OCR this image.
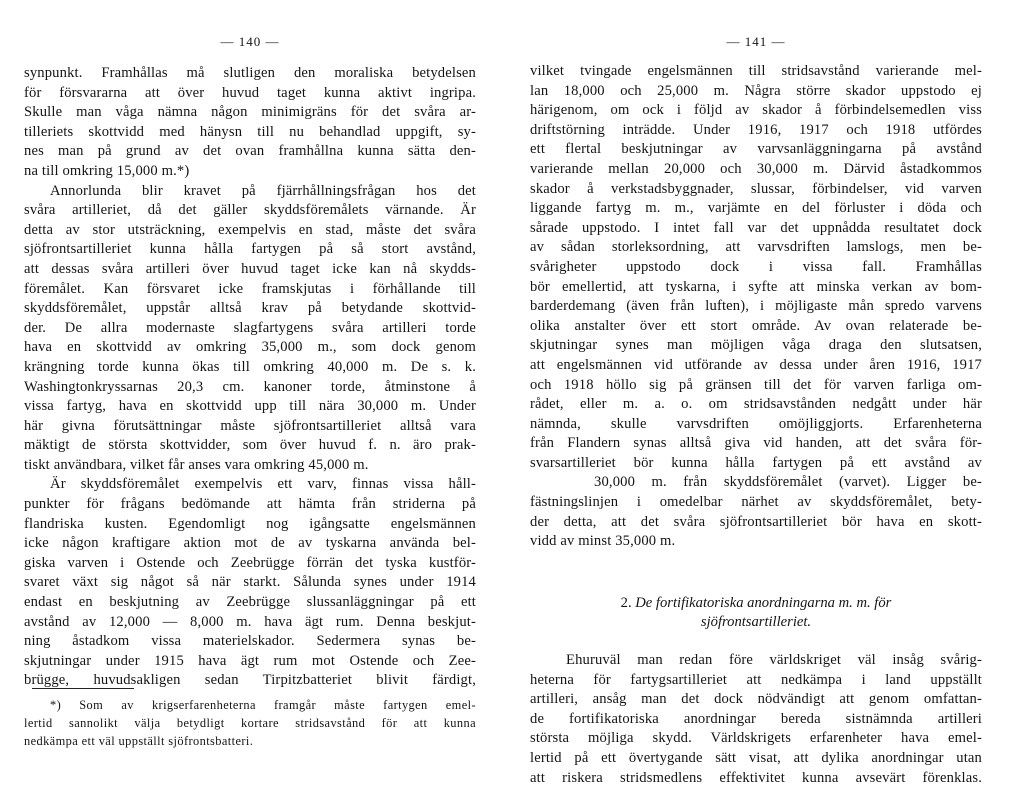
— 140 —
synpunkt. Framhållas må slutligen den moraliska betydelsen
för försvararna att över huvud taget kunna aktivt ingripa.
Skulle man våga nämna någon minimigräns för det svåra ar-
tilleriets skottvidd med hänysn till nu behandlad uppgift, sy-
nes man på grund av det ovan framhållna kunna sätta den-
na till omkring 15,000 m.*)
Annorlunda blir kravet på fjärrhållningsfrågan hos det
svåra artilleriet, då det gäller skyddsföremålets värnande. Är
detta av stor utsträckning, exempelvis en stad, måste det svåra
sjöfrontsartilleriet kunna hålla fartygen på så stort avstånd,
att dessas svåra artilleri över huvud taget icke kan nå skydds-
föremålet. Kan försvaret icke framskjutas i förhållande till
skyddsföremålet, uppstår alltså krav på betydande skottvid-
der. De allra modernaste slagfartygens svåra artilleri torde
hava en skottvidd av omkring 35,000 m., som dock genom
krängning torde kunna ökas till omkring 40,000 m. De s. k.
Washingtonkryssarnas 20,3 cm. kanoner torde, åtminstone å
vissa fartyg, hava en skottvidd upp till nära 30,000 m. Under
här givna förutsättningar måste sjöfrontsartilleriet alltså vara
mäktigt de största skottvidder, som över huvud f. n. äro prak-
tiskt användbara, vilket får anses vara omkring 45,000 m.
Är skyddsföremålet exempelvis ett varv, finnas vissa håll-
punkter för frågans bedömande att hämta från striderna på
flandriska kusten. Egendomligt nog igångsatte engelsmännen
icke någon kraftigare aktion mot de av tyskarna använda bel-
giska varven i Ostende och Zeebrügge förrän det tyska kustför-
svaret växt sig något så när starkt. Sålunda synes under 1914
endast en beskjutning av Zeebrügge slussanläggningar på ett
avstånd av 12,000 — 8,000 m. hava ägt rum. Denna beskjut-
ning åstadkom vissa materielskador. Sedermera synas be-
skjutningar under 1915 hava ägt rum mot Ostende och Zee-
brügge, huvudsakligen sedan Tirpitzbatteriet blivit färdigt,
*) Som av krigserfarenheterna framgår måste fartygen emel-
lertid sannolikt välja betydligt kortare stridsavstånd för att kunna
nedkämpa ett väl uppställt sjöfrontsbatteri.
— 141 —
vilket tvingade engelsmännen till stridsavstånd varierande mel-
lan 18,000 och 25,000 m. Några större skador uppstodo ej
härigenom, om ock i följd av skador å förbindelsemedlen viss
driftstörning inträdde. Under 1916, 1917 och 1918 utfördes
ett flertal beskjutningar av varvsanläggningarna på avstånd
varierande mellan 20,000 och 30,000 m. Därvid åstadkommos
skador å verkstadsbyggnader, slussar, förbindelser, vid varven
liggande fartyg m. m., varjämte en del förluster i döda och
sårade uppstodo. I intet fall var det uppnådda resultatet dock
av sådan storleksordning, att varvsdriften lamslogs, men be-
svårigheter uppstodo dock i vissa fall. Framhållas
bör emellertid, att tyskarna, i syfte att minska verkan av bom-
barderdemang (även från luften), i möjligaste mån spredo varvens
olika anstalter över ett stort område. Av ovan relaterade be-
skjutningar synes man möjligen våga draga den slutsatsen,
att engelsmännen vid utförande av dessa under åren 1916, 1917
och 1918 höllo sig på gränsen till det för varven farliga om-
rådet, eller m. a. o. om stridsavstånden nedgått under här
nämnda, skulle varvsdriften omöjliggjorts. Erfarenheterna
från Flandern synas alltså giva vid handen, att det svåra för-
svarsartilleriet bör kunna hålla fartygen på ett avstånd av
30,000 m. från skyddsföremålet (varvet). Ligger be-
fästningslinjen i omedelbar närhet av skyddsföremålet, bety-
der detta, att det svåra sjöfrontsartilleriet bör hava en skott-
vidd av minst 35,000 m.
2. De fortifikatoriska anordningarna m. m. för
sjöfrontsartilleriet.
Ehuruväl man redan före världskriget väl insåg svårig-
heterna för fartygsartilleriet att nedkämpa i land uppställt
artilleri, ansåg man det dock nödvändigt att genom omfattan-
de fortifikatoriska anordningar bereda sistnämnda artilleri
största möjliga skydd. Världskrigets erfarenheter hava emel-
lertid på ett övertygande sätt visat, att dylika anordningar utan
att riskera stridsmedlens effektivitet kunna avsevärt förenklas.
